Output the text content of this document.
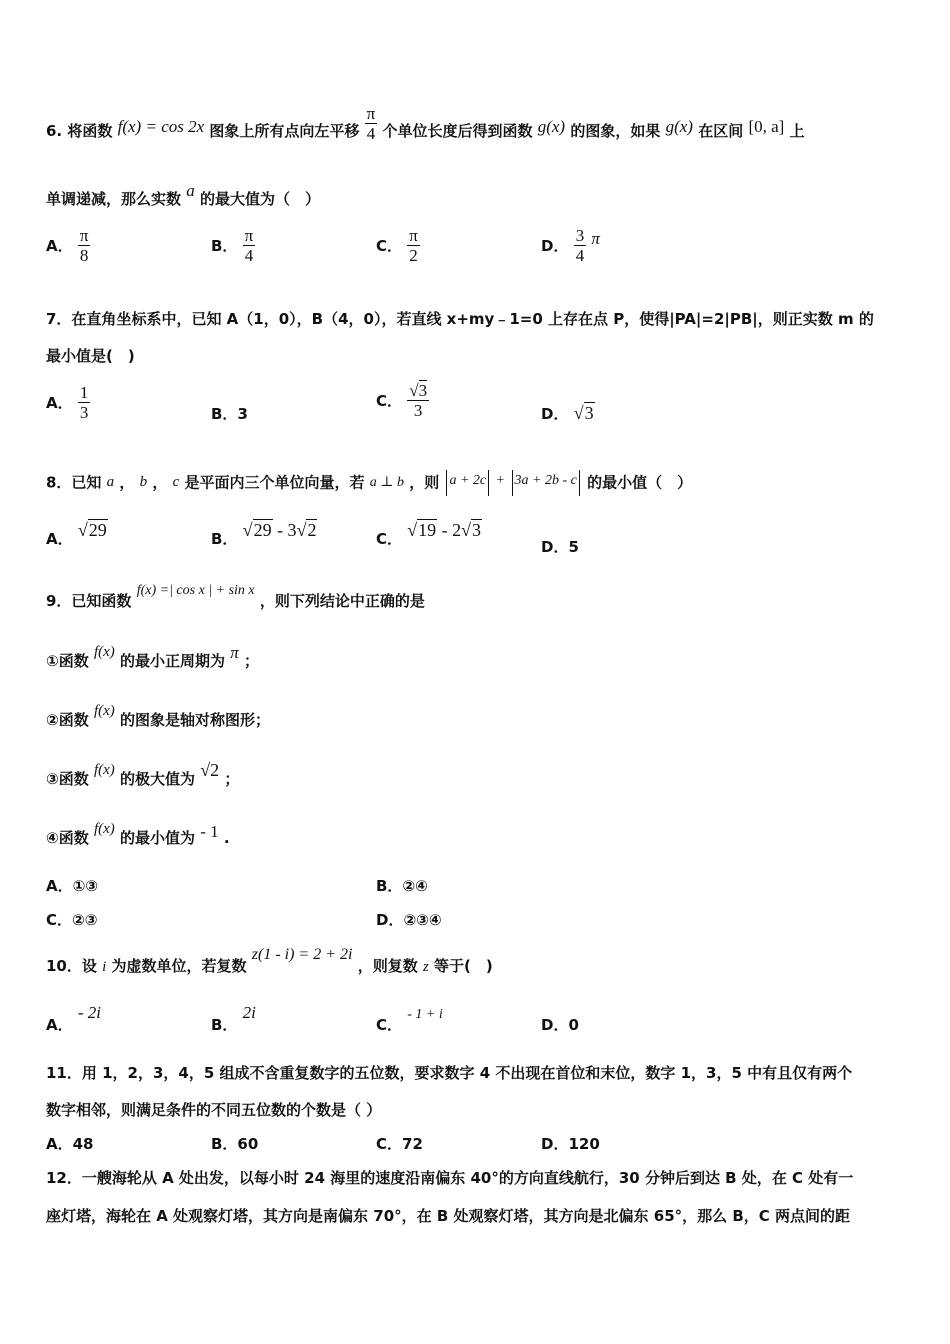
6. 将函数 f(x) = cos 2x 图象上所有点向左平移 $\frac{\pi}{4}$ 个单位长度后得到函数 g(x) 的图象，如果 g(x) 在区间 [0, a] 上
单调递减，那么实数 a 的最大值为（　）
A． $\frac{\pi}{8}$	B． $\frac{\pi}{4}$	C． $\frac{\pi}{2}$	D． $\frac{3}{4}$ π
7．在直角坐标系中，已知 A（1，0），B（4，0），若直线 x+my﹣1=0 上存在点 P，使得|PA|=2|PB|，则正实数 m 的
最小值是(　)
A． $\frac{1}{3}$	B．3
C． $\frac{√3}{3}$	D． √3
8．已知 a ， b ， c 是平面内三个单位向量，若 a ⊥ b ，则 a + 2c + 3a + 2b - c 的最小值（　）
A． √29	B． √29 - 3√2	C． √19 - 2√3
D．5
9．已知函数 f(x) =| cos x | + sin x ，则下列结论中正确的是
①函数 f(x) 的最小正周期为 π ；
②函数 f(x) 的图象是轴对称图形；
③函数 f(x) 的极大值为 √2 ；
④函数 f(x) 的最小值为 - 1 .
A．①③	B．②④
C．②③	D．②③④
10．设 i 为虚数单位，若复数 z(1 - i) = 2 + 2i ，则复数 z 等于(　)
A． - 2i
B． 2i
C． - 1 + i
D．0
11．用 1，2，3，4，5 组成不含重复数字的五位数，要求数字 4 不出现在首位和末位，数字 1，3，5 中有且仅有两个
数字相邻，则满足条件的不同五位数的个数是（ ）
A．48	B．60	C．72	D．120
12．一艘海轮从 A 处出发，以每小时 24 海里的速度沿南偏东 40°的方向直线航行，30 分钟后到达 B 处，在 C 处有一
座灯塔，海轮在 A 处观察灯塔，其方向是南偏东 70°，在 B 处观察灯塔，其方向是北偏东 65°，那么 B，C 两点间的距
